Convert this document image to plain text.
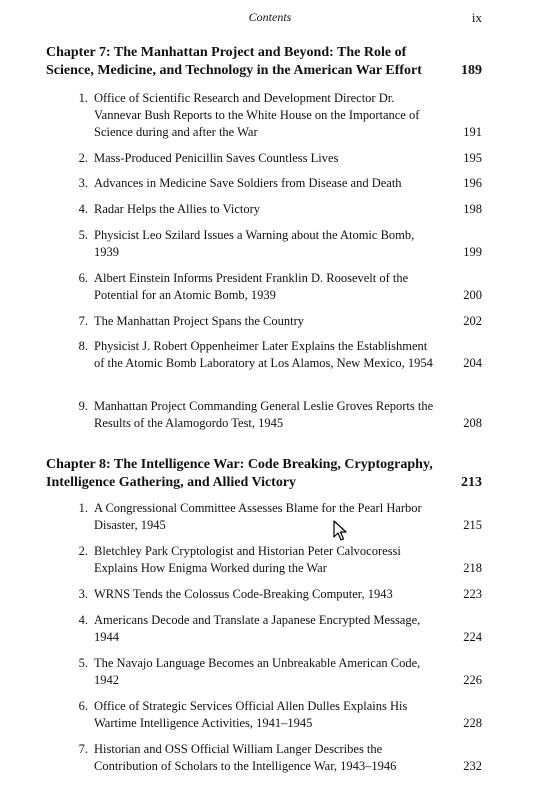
Contents	ix
Chapter 7: The Manhattan Project and Beyond: The Role of Science, Medicine, and Technology in the American War Effort	189
1. Office of Scientific Research and Development Director Dr. Vannevar Bush Reports to the White House on the Importance of Science during and after the War	191
2. Mass-Produced Penicillin Saves Countless Lives	195
3. Advances in Medicine Save Soldiers from Disease and Death	196
4. Radar Helps the Allies to Victory	198
5. Physicist Leo Szilard Issues a Warning about the Atomic Bomb, 1939	199
6. Albert Einstein Informs President Franklin D. Roosevelt of the Potential for an Atomic Bomb, 1939	200
7. The Manhattan Project Spans the Country	202
8. Physicist J. Robert Oppenheimer Later Explains the Establishment of the Atomic Bomb Laboratory at Los Alamos, New Mexico, 1954	204
9. Manhattan Project Commanding General Leslie Groves Reports the Results of the Alamogordo Test, 1945	208
Chapter 8: The Intelligence War: Code Breaking, Cryptography, Intelligence Gathering, and Allied Victory	213
1. A Congressional Committee Assesses Blame for the Pearl Harbor Disaster, 1945	215
2. Bletchley Park Cryptologist and Historian Peter Calvocoressi Explains How Enigma Worked during the War	218
3. WRNS Tends the Colossus Code-Breaking Computer, 1943	223
4. Americans Decode and Translate a Japanese Encrypted Message, 1944	224
5. The Navajo Language Becomes an Unbreakable American Code, 1942	226
6. Office of Strategic Services Official Allen Dulles Explains His Wartime Intelligence Activities, 1941–1945	228
7. Historian and OSS Official William Langer Describes the Contribution of Scholars to the Intelligence War, 1943–1946	232
